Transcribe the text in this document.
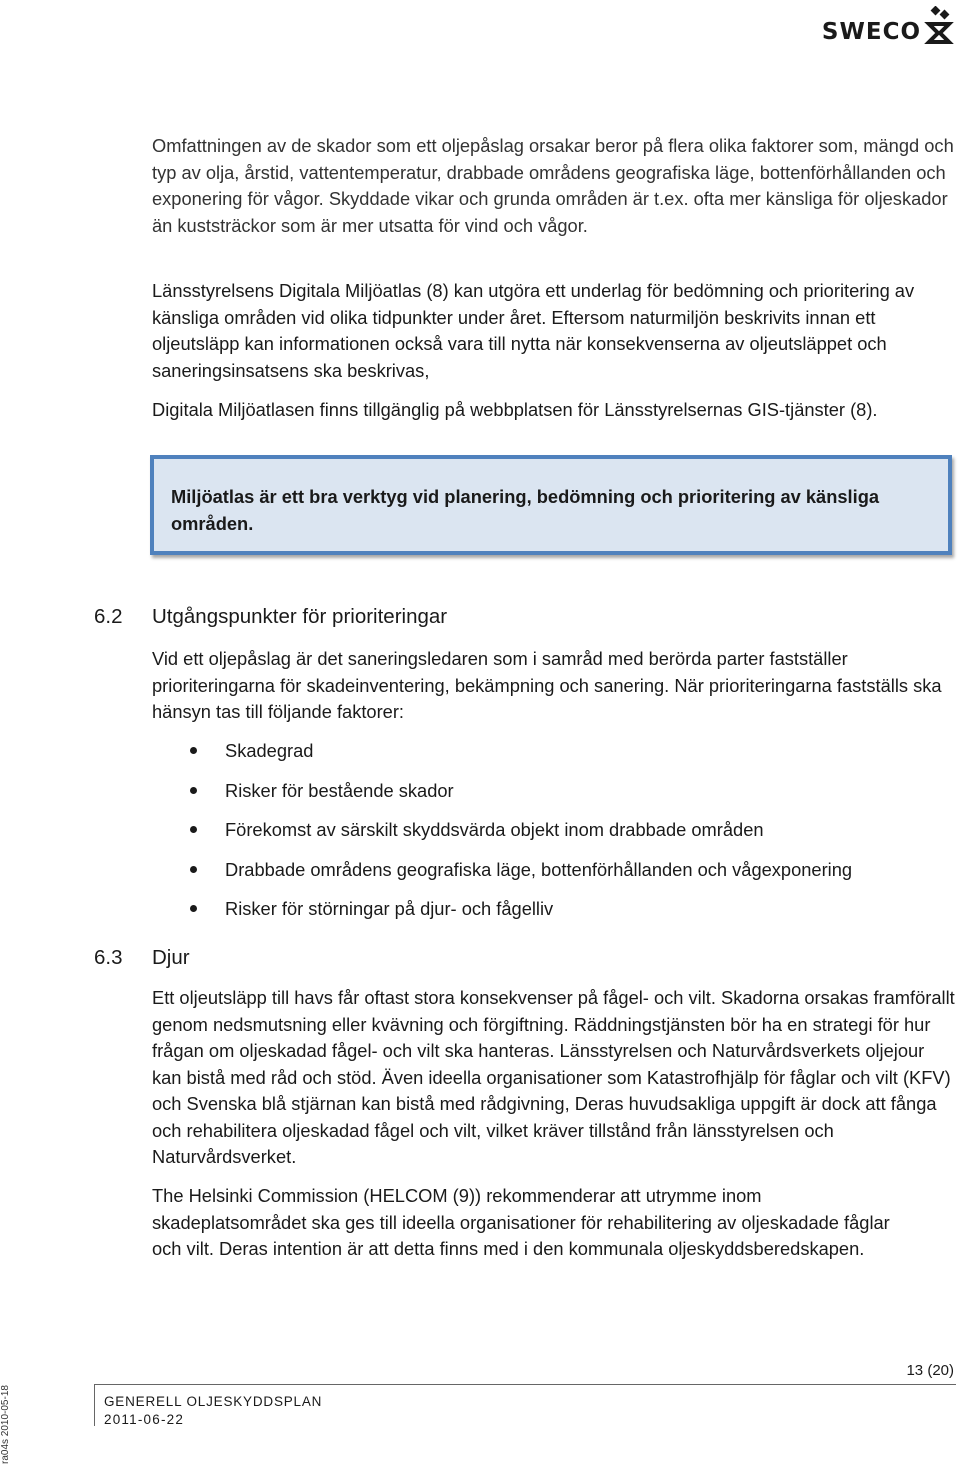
SWECO

Omfattningen av de skador som ett oljepåslag orsakar beror på flera olika faktorer som, mängd och typ av olja, årstid, vattentemperatur, drabbade områdens geografiska läge, bottenförhållanden och exponering för vågor. Skyddade vikar och grunda områden är t.ex. ofta mer känsliga för oljeskador än kuststräckor som är mer utsatta för vind och vågor.

Länsstyrelsens Digitala Miljöatlas (8) kan utgöra ett underlag för bedömning och prioritering av känsliga områden vid olika tidpunkter under året. Eftersom naturmiljön beskrivits innan ett oljeutsläpp kan informationen också vara till nytta när konsekvenserna av oljeutsläppet och saneringsinsatsens ska beskrivas,

Digitala Miljöatlasen finns tillgänglig på webbplatsen för Länsstyrelsernas GIS-tjänster (8).

Miljöatlas är ett bra verktyg vid planering, bedömning och prioritering av känsliga områden.
6.2 Utgångspunkter för prioriteringar

Vid ett oljepåslag är det saneringsledaren som i samråd med berörda parter fastställer prioriteringarna för skadeinventering, bekämpning och sanering. När prioriteringarna fastställs ska hänsyn tas till följande faktorer:

Skadegrad
Risker för bestående skador
Förekomst av särskilt skyddsvärda objekt inom drabbade områden
Drabbade områdens geografiska läge, bottenförhållanden och vågexponering
Risker för störningar på djur- och fågelliv
6.3 Djur

Ett oljeutsläpp till havs får oftast stora konsekvenser på fågel- och vilt. Skadorna orsakas framförallt genom nedsmutsning eller kvävning och förgiftning. Räddningstjänsten bör ha en strategi för hur frågan om oljeskadad fågel- och vilt ska hanteras. Länsstyrelsen och Naturvårdsverkets oljejour kan bistå med råd och stöd. Även ideella organisationer som Katastrofhjälp för fåglar och vilt (KFV) och Svenska blå stjärnan kan bistå med rådgivning, Deras huvudsakliga uppgift är dock att fånga och rehabilitera oljeskadad fågel och vilt, vilket kräver tillstånd från länsstyrelsen och Naturvårdsverket.

The Helsinki Commission (HELCOM (9)) rekommenderar att utrymme inom skadeplatsområdet ska ges till ideella organisationer för rehabilitering av oljeskadade fåglar och vilt. Deras intention är att detta finns med i den kommunala oljeskyddsberedskapen.

ra04s 2010-05-18
13 (20)
GENERELL OLJESKYDDSPLAN
2011-06-22
